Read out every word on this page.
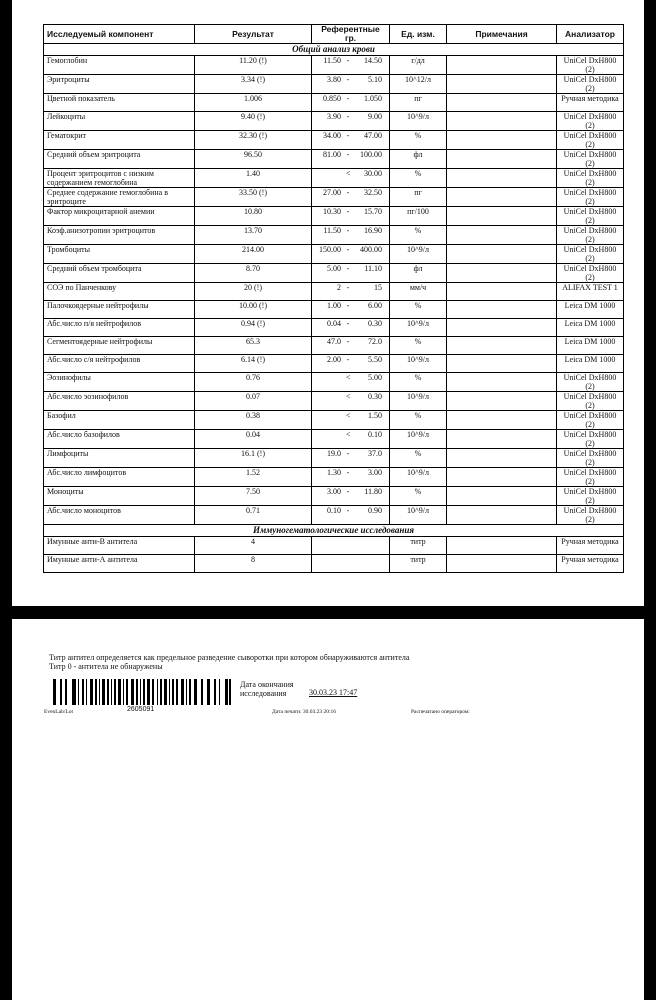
Исследуемый компонент	Результат	Референтные гр.	Ед. изм.	Примечания	Анализатор
Общий анализ крови					
Гемоглобин	11.20 (!)	11.50 - 14.50	г/дл		UniCel DxH800 (2)
Эритроциты	3.34 (!)	3.80 - 5.10	10^12/л		UniCel DxH800 (2)
Цветной показатель	1.006	0.850 - 1.050	пг		Ручная методика
Лейкоциты	9.40 (!)	3.90 - 9.00	10^9/л		UniCel DxH800 (2)
Гематокрит	32.30 (!)	34.00 - 47.00	%		UniCel DxH800 (2)
Средний объем эритроцита	96.50	81.00 - 100.00	фл		UniCel DxH800 (2)
Процент эритроцитов с низким содержанием гемоглобина	1.40	< 30.00	%		UniCel DxH800 (2)
Среднее содержание гемоглобина в эритроците	33.50 (!)	27.00 - 32.50	пг		UniCel DxH800 (2)
Фактор микроцитарной анемии	10.80	10.30 - 15.70	пг/100		UniCel DxH800 (2)
Коэф.анизотропии эритроцитов	13.70	11.50 - 16.90	%		UniCel DxH800 (2)
Тромбоциты	214.00	150.00 - 400.00	10^9/л		UniCel DxH800 (2)
Средний объем тромбоцита	8.70	5.00 - 11.10	фл		UniCel DxH800 (2)
СОЭ по Панченкову	20 (!)	2 - 15	мм/ч		ALIFAX TEST 1
Палочкоядерные нейтрофилы	10.00 (!)	1.00 - 6.00	%		Leica DM 1000
Абс.число п/я нейтрофилов	0.94 (!)	0.04 - 0.30	10^9/л		Leica DM 1000
Сегментоядерные нейтрофилы	65.3	47.0 - 72.0	%		Leica DM 1000
Абс.число с/я нейтрофилов	6.14 (!)	2.00 - 5.50	10^9/л		Leica DM 1000
Эозинофилы	0.76	< 5.00	%		UniCel DxH800 (2)
Абс.число эозинофилов	0.07	< 0.30	10^9/л		UniCel DxH800 (2)
Базофил	0.38	< 1.50	%		UniCel DxH800 (2)
Абс.число базофилов	0.04	< 0.10	10^9/л		UniCel DxH800 (2)
Лимфоциты	16.1 (!)	19.0 - 37.0	%		UniCel DxH800 (2)
Абс.число лимфоцитов	1.52	1.30 - 3.00	10^9/л		UniCel DxH800 (2)
Моноциты	7.50	3.00 - 11.80	%		UniCel DxH800 (2)
Абс.число моноцитов	0.71	0.10 - 0.90	10^9/л		UniCel DxH800 (2)
Иммуногематологические исследования					
Имунные анти-В антитела	4		титр		Ручная методика
Имунные анти-А антитела	8		титр		Ручная методика
Титр антител определяется как предельное разведение сыворотки при котором обнаруживаются антитела
Титр 0 - антитела не обнаружены
2605091
Дата окончания
исследования	30.03.23 17:47
EvenLab/Lot	Дата печати: 30.03.23 20:16	Распечатано оператором:
